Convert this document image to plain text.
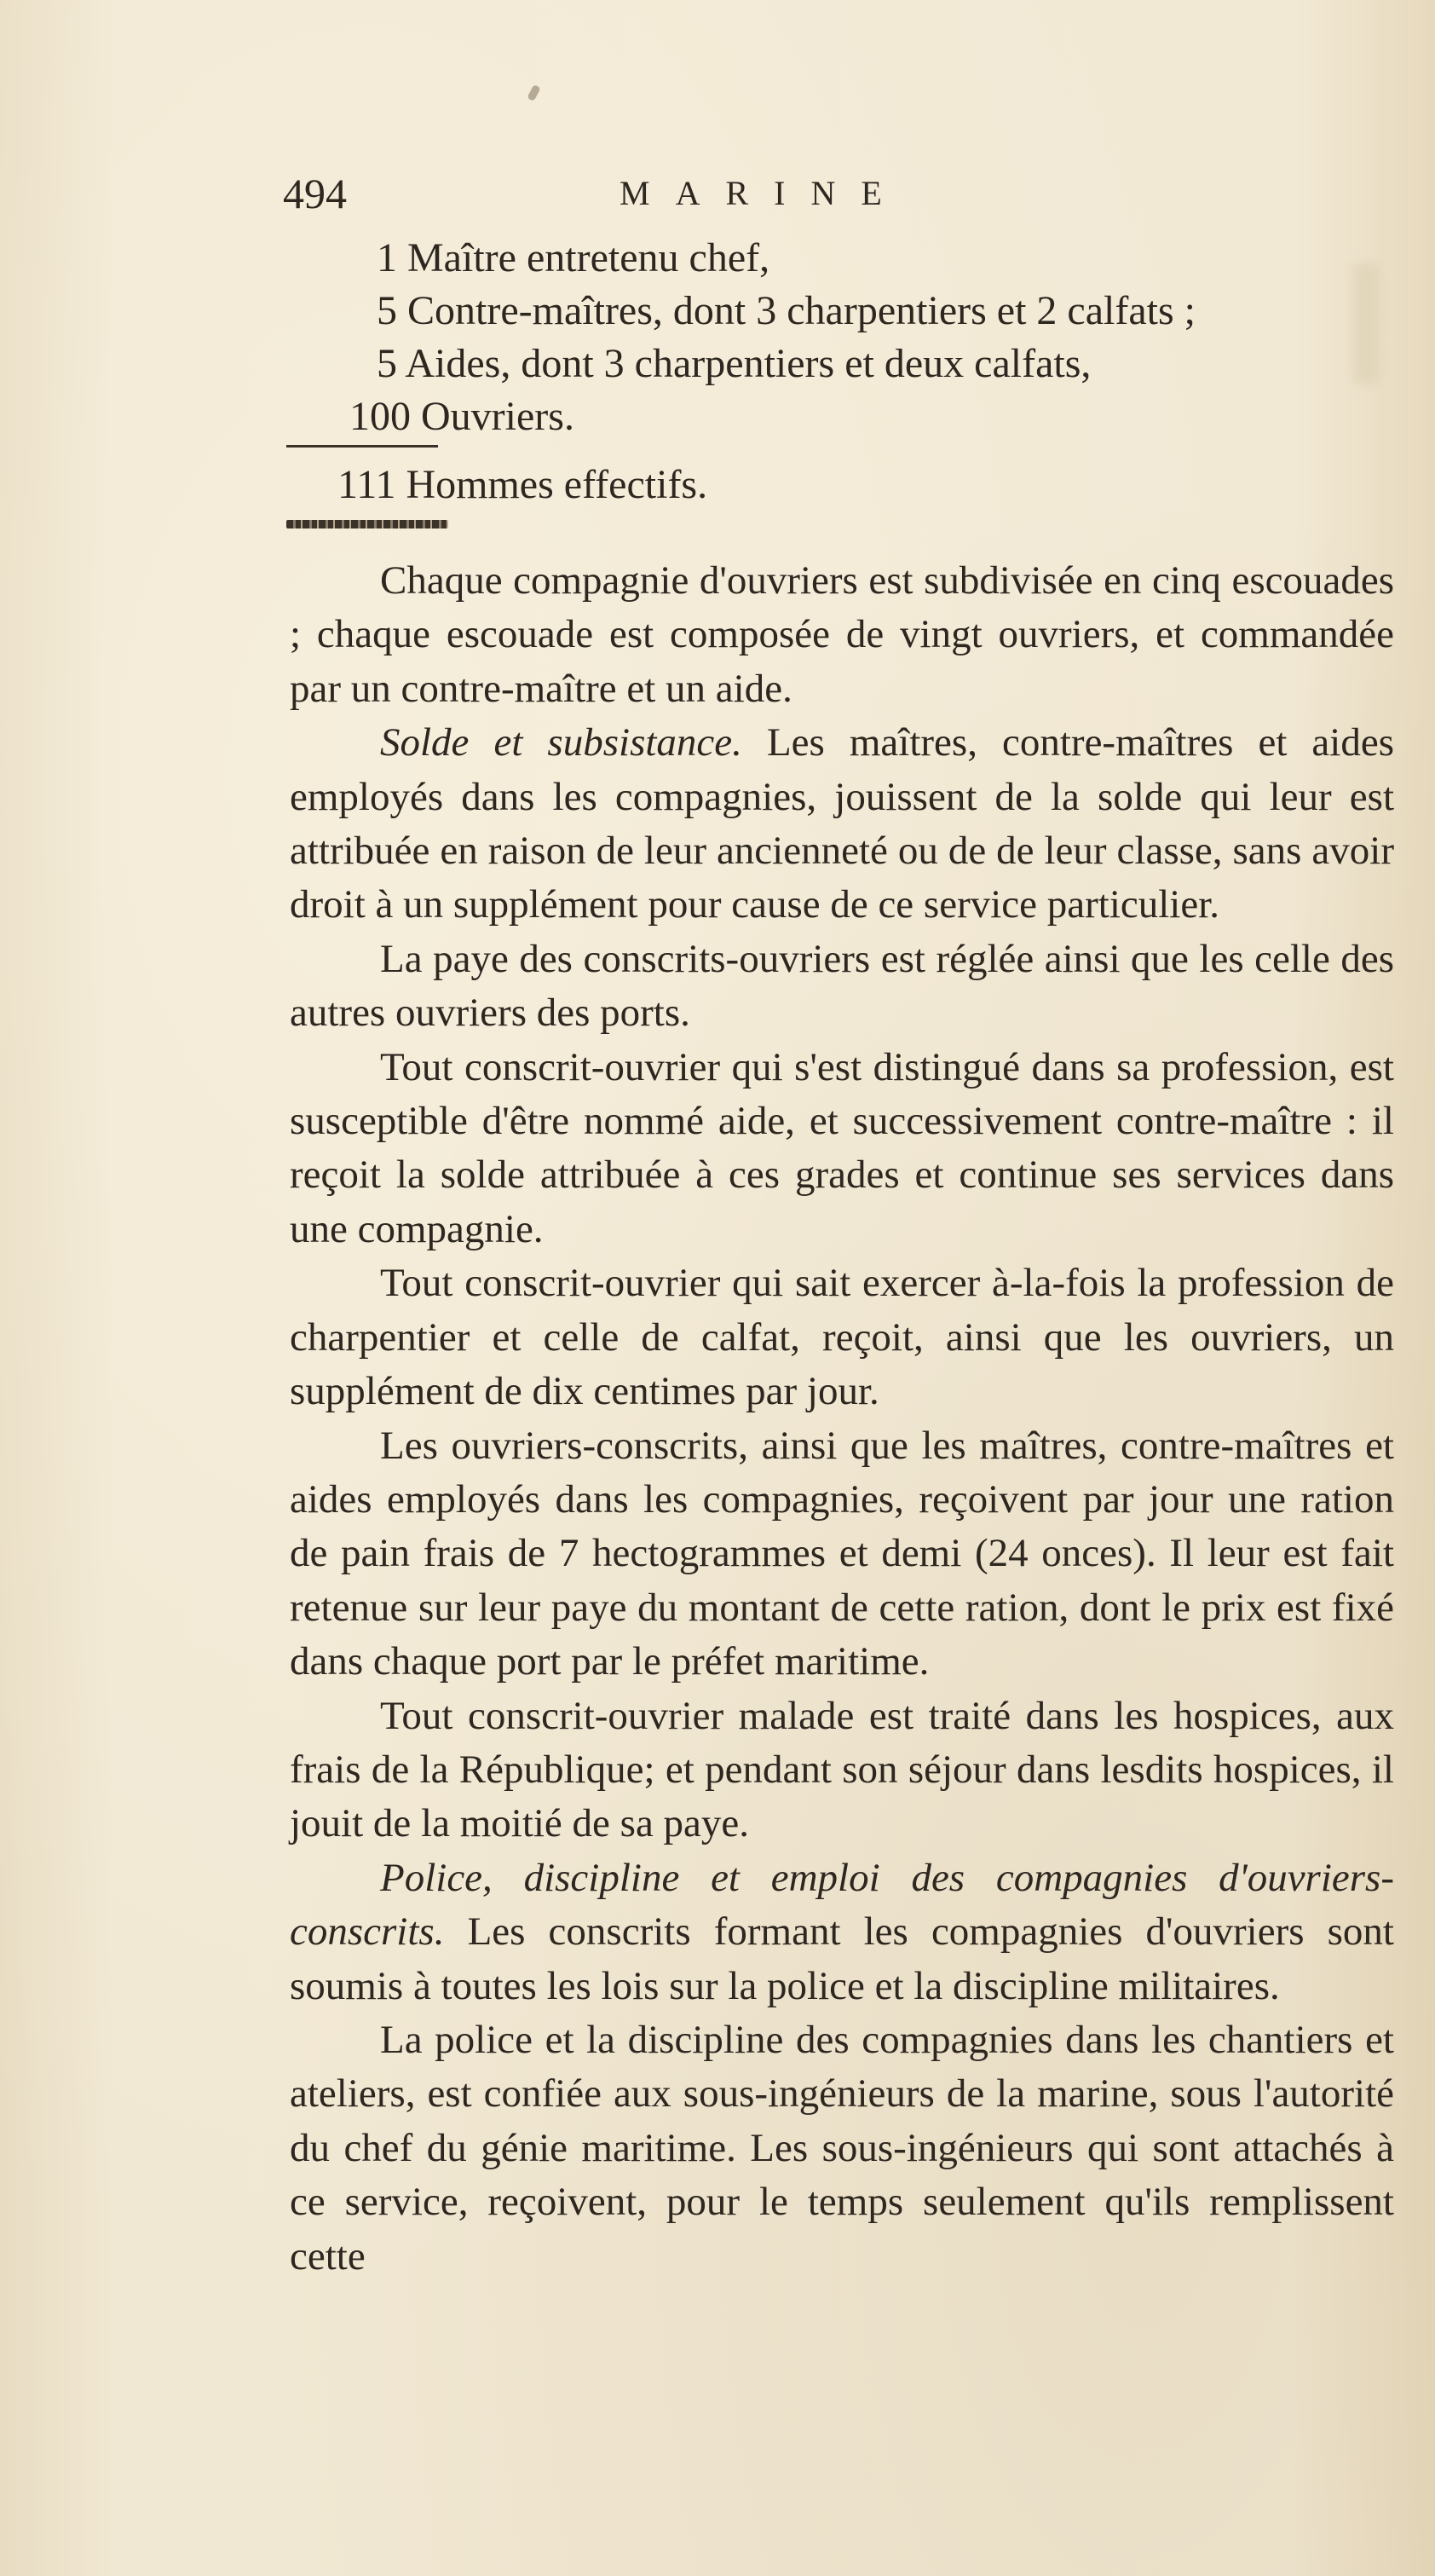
494	MARINE
1 Maître entretenu chef,
5 Contre-maîtres, dont 3 charpentiers et 2 calfats ;
5 Aides, dont 3 charpentiers et deux calfats,
100 Ouvriers.
111 Hommes effectifs.

Chaque compagnie d'ouvriers est subdivisée en cinq escouades ; chaque escouade est composée de vingt ouvriers, et commandée par un contre-maître et un aide.

Solde et subsistance. Les maîtres, contre-maîtres et aides employés dans les compagnies, jouissent de la solde qui leur est attribuée en raison de leur ancienneté ou de de leur classe, sans avoir droit à un supplément pour cause de ce service particulier.

La paye des conscrits-ouvriers est réglée ainsi que les celle des autres ouvriers des ports.

Tout conscrit-ouvrier qui s'est distingué dans sa profession, est susceptible d'être nommé aide, et successivement contre-maître : il reçoit la solde attribuée à ces grades et continue ses services dans une compagnie.

Tout conscrit-ouvrier qui sait exercer à-la-fois la profession de charpentier et celle de calfat, reçoit, ainsi que les ouvriers, un supplément de dix centimes par jour.

Les ouvriers-conscrits, ainsi que les maîtres, contre-maîtres et aides employés dans les compagnies, reçoivent par jour une ration de pain frais de 7 hectogrammes et demi (24 onces). Il leur est fait retenue sur leur paye du montant de cette ration, dont le prix est fixé dans chaque port par le préfet maritime.

Tout conscrit-ouvrier malade est traité dans les hospices, aux frais de la République; et pendant son séjour dans lesdits hospices, il jouit de la moitié de sa paye.

Police, discipline et emploi des compagnies d'ouvriers-conscrits. Les conscrits formant les compagnies d'ouvriers sont soumis à toutes les lois sur la police et la discipline militaires.

La police et la discipline des compagnies dans les chantiers et ateliers, est confiée aux sous-ingénieurs de la marine, sous l'autorité du chef du génie maritime. Les sous-ingénieurs qui sont attachés à ce service, reçoivent, pour le temps seulement qu'ils remplissent cette
